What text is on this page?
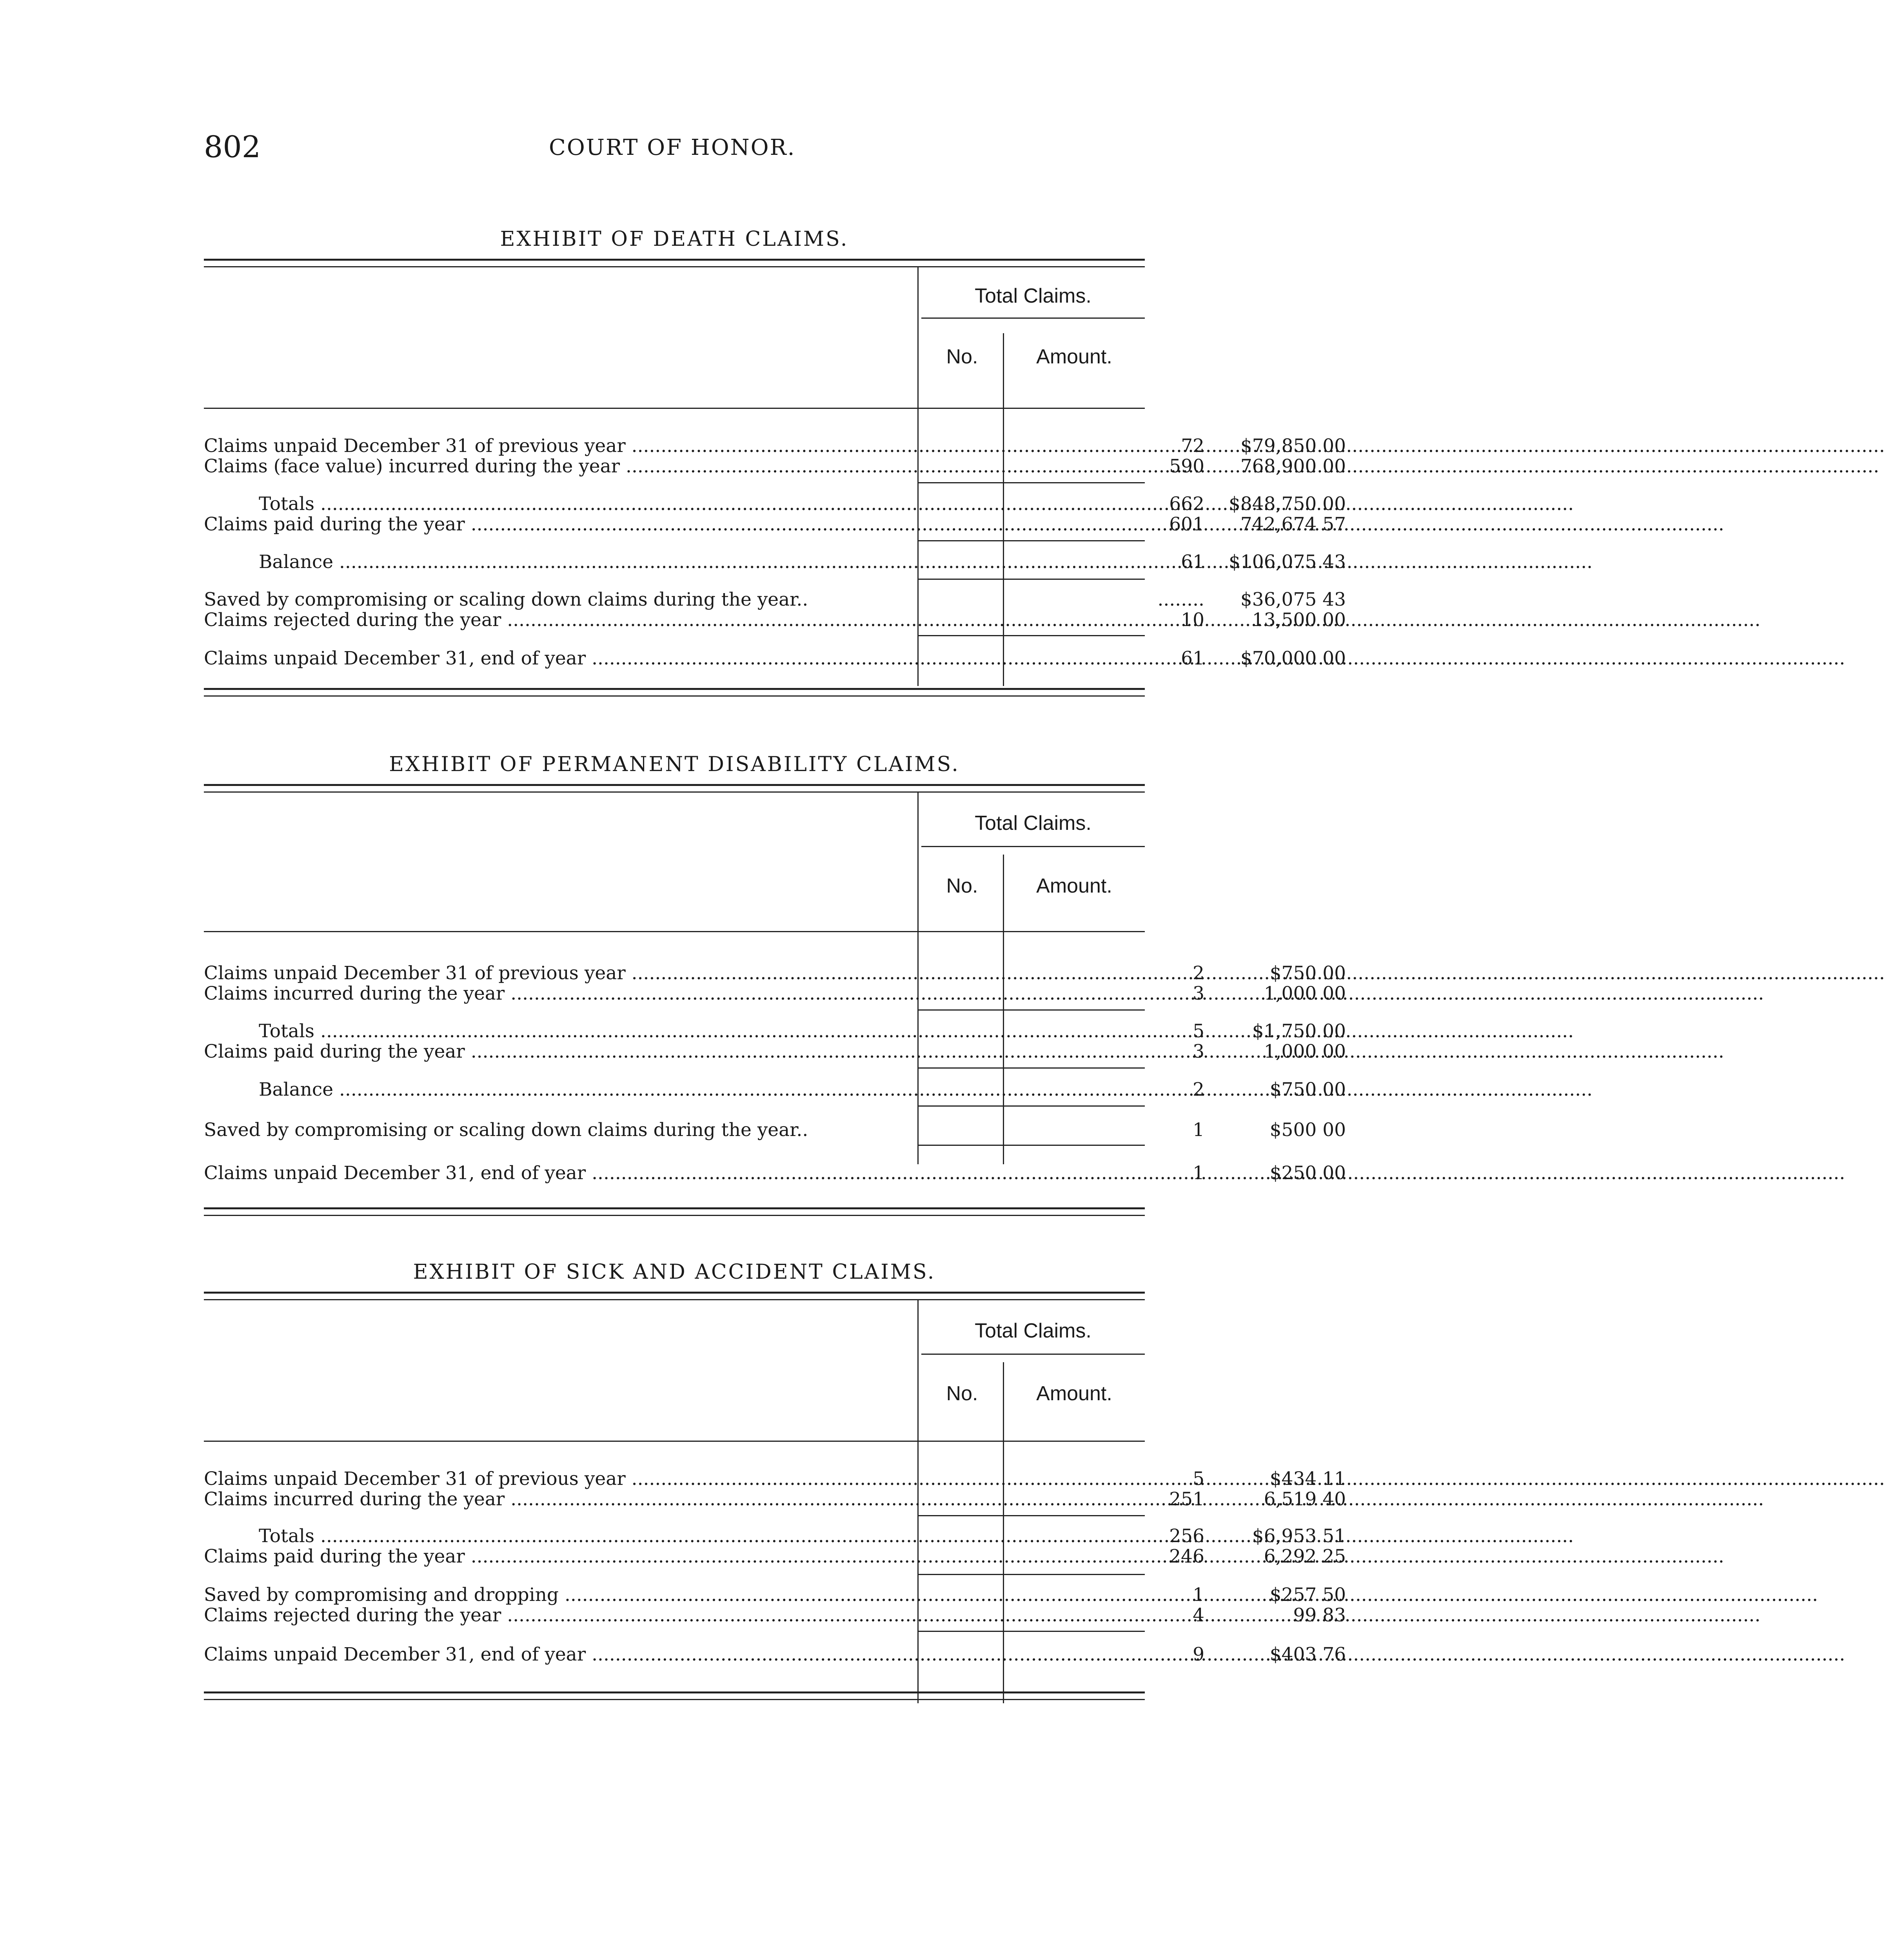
802	COURT OF HONOR.
EXHIBIT OF DEATH CLAIMS.
Total Claims.
No.	Amount.
Claims unpaid December 31 of previous year .....	72	$79,850 00
Claims (face value) incurred during the year .....	590	768,900 00
Totals .....	662	$848,750 00
Claims paid during the year .....	601	742,674 57
Balance .....	61	$106,075 43
Saved by compromising or scaling down claims during the year..	........	$36,075 43
Claims rejected during the year .....	10	13,500 00
Claims unpaid December 31, end of year .....	61	$70,000 00
EXHIBIT OF PERMANENT DISABILITY CLAIMS.
Total Claims.
No.	Amount.
Claims unpaid December 31 of previous year .....	2	$750 00
Claims incurred during the year .....	3	1,000 00
Totals .....	5	$1,750 00
Claims paid during the year .....	3	1,000 00
Balance .....	2	$750 00
Saved by compromising or scaling down claims during the year..	1	$500 00
Claims unpaid December 31, end of year .....	1	$250 00
EXHIBIT OF SICK AND ACCIDENT CLAIMS.
Total Claims.
No.	Amount.
Claims unpaid December 31 of previous year .....	5	$434 11
Claims incurred during the year .....	251	6,519 40
Totals .....	256	$6,953 51
Claims paid during the year .....	246	6,292 25
Saved by compromising and dropping .....	1	$257 50
Claims rejected during the year .....	4	99 83
Claims unpaid December 31, end of year .....	9	$403 76
